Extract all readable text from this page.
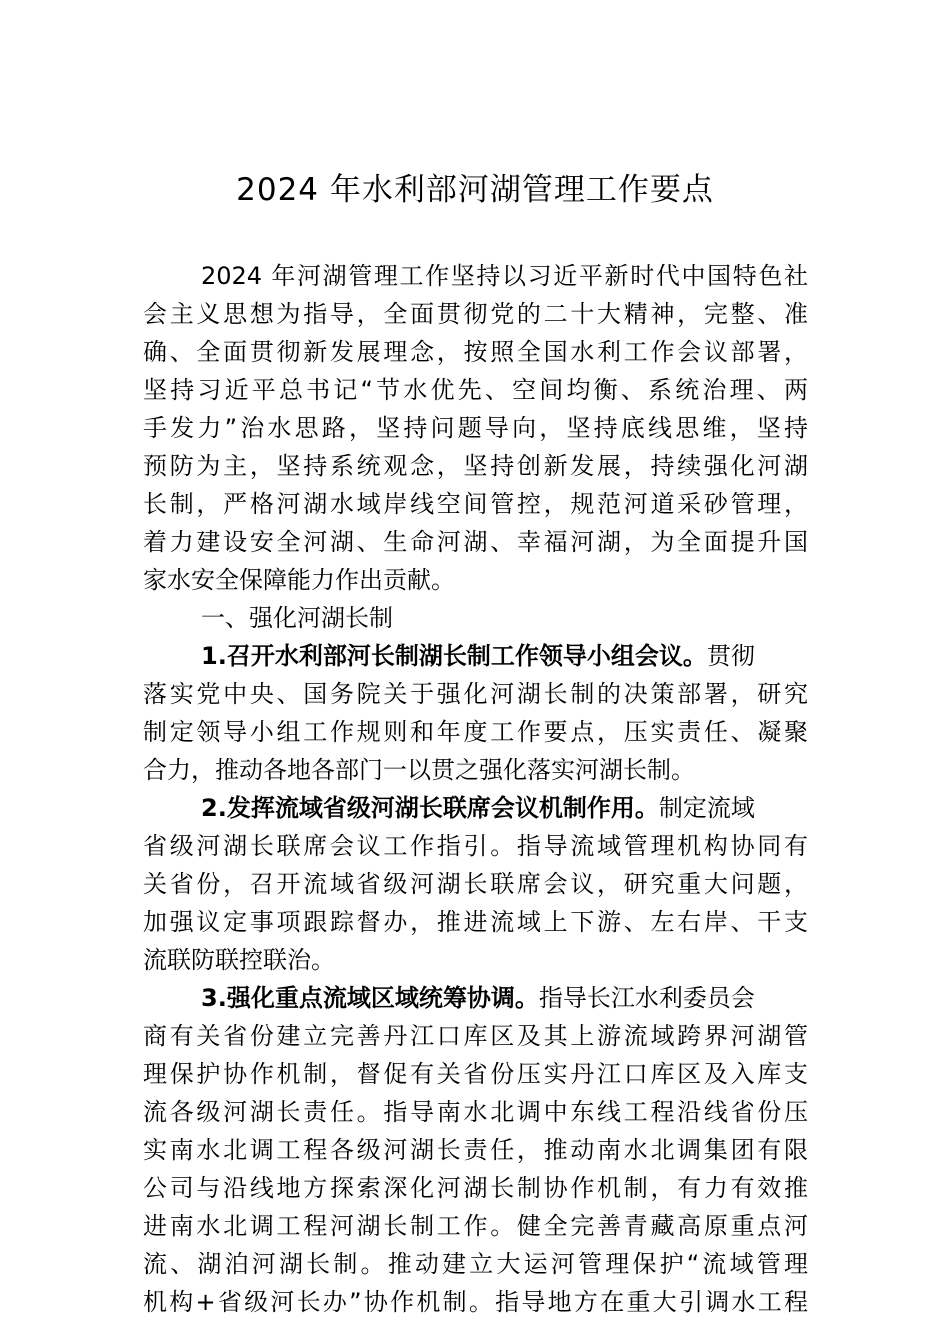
2024 年水利部河湖管理工作要点
2024 年河湖管理工作坚持以习近平新时代中国特色社
会主义思想为指导，全面贯彻党的二十大精神，完整、准
确、全面贯彻新发展理念，按照全国水利工作会议部署，
坚持习近平总书记“节水优先、空间均衡、系统治理、两
手发力”治水思路，坚持问题导向，坚持底线思维，坚持
预防为主，坚持系统观念，坚持创新发展，持续强化河湖
长制，严格河湖水域岸线空间管控，规范河道采砂管理，
着力建设安全河湖、生命河湖、幸福河湖，为全面提升国
家水安全保障能力作出贡献。
一、强化河湖长制
1.召开水利部河长制湖长制工作领导小组会议。贯彻
落实党中央、国务院关于强化河湖长制的决策部署，研究
制定领导小组工作规则和年度工作要点，压实责任、凝聚
合力，推动各地各部门一以贯之强化落实河湖长制。
2.发挥流域省级河湖长联席会议机制作用。制定流域
省级河湖长联席会议工作指引。指导流域管理机构协同有
关省份，召开流域省级河湖长联席会议，研究重大问题，
加强议定事项跟踪督办，推进流域上下游、左右岸、干支
流联防联控联治。
3.强化重点流域区域统筹协调。指导长江水利委员会
商有关省份建立完善丹江口库区及其上游流域跨界河湖管
理保护协作机制，督促有关省份压实丹江口库区及入库支
流各级河湖长责任。指导南水北调中东线工程沿线省份压
实南水北调工程各级河湖长责任，推动南水北调集团有限
公司与沿线地方探索深化河湖长制协作机制，有力有效推
进南水北调工程河湖长制工作。健全完善青藏高原重点河
流、湖泊河湖长制。推动建立大运河管理保护“流域管理
机构+省级河长办”协作机制。指导地方在重大引调水工程
